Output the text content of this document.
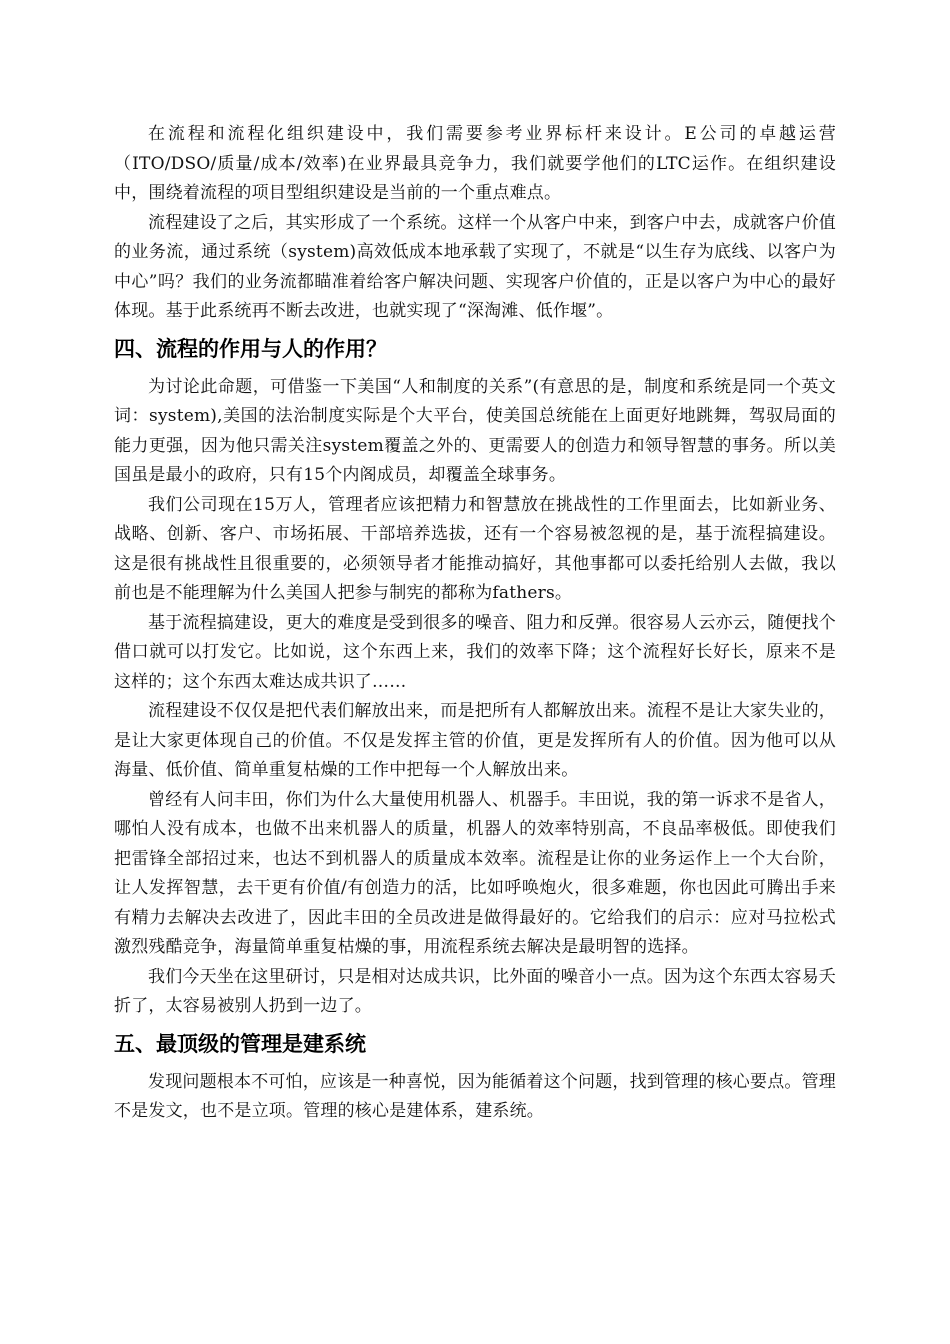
在流程和流程化组织建设中，我们需要参考业界标杆来设计。E公司的卓越运营（ITO/DSO/质量/成本/效率)在业界最具竞争力，我们就要学他们的LTC运作。在组织建设中，围绕着流程的项目型组织建设是当前的一个重点难点。

流程建设了之后，其实形成了一个系统。这样一个从客户中来，到客户中去，成就客户价值的业务流，通过系统（system)高效低成本地承载了实现了，不就是“以生存为底线、以客户为中心”吗？我们的业务流都瞄准着给客户解决问题、实现客户价值的，正是以客户为中心的最好体现。基于此系统再不断去改进，也就实现了“深淘滩、低作堰”。

四、流程的作用与人的作用？

为讨论此命题，可借鉴一下美国“人和制度的关系”(有意思的是，制度和系统是同一个英文词：system),美国的法治制度实际是个大平台，使美国总统能在上面更好地跳舞，驾驭局面的能力更强，因为他只需关注system覆盖之外的、更需要人的创造力和领导智慧的事务。所以美国虽是最小的政府，只有15个内阁成员，却覆盖全球事务。

我们公司现在15万人，管理者应该把精力和智慧放在挑战性的工作里面去，比如新业务、战略、创新、客户、市场拓展、干部培养选拔，还有一个容易被忽视的是，基于流程搞建设。这是很有挑战性且很重要的，必须领导者才能推动搞好，其他事都可以委托给别人去做，我以前也是不能理解为什么美国人把参与制宪的都称为fathers。

基于流程搞建设，更大的难度是受到很多的噪音、阻力和反弹。很容易人云亦云，随便找个借口就可以打发它。比如说，这个东西上来，我们的效率下降；这个流程好长好长，原来不是这样的；这个东西太难达成共识了……

流程建设不仅仅是把代表们解放出来，而是把所有人都解放出来。流程不是让大家失业的，是让大家更体现自己的价值。不仅是发挥主管的价值，更是发挥所有人的价值。因为他可以从海量、低价值、简单重复枯燥的工作中把每一个人解放出来。

曾经有人问丰田，你们为什么大量使用机器人、机器手。丰田说，我的第一诉求不是省人，哪怕人没有成本，也做不出来机器人的质量，机器人的效率特别高，不良品率极低。即使我们把雷锋全部招过来，也达不到机器人的质量成本效率。流程是让你的业务运作上一个大台阶，让人发挥智慧，去干更有价值/有创造力的活，比如呼唤炮火，很多难题，你也因此可腾出手来有精力去解决去改进了，因此丰田的全员改进是做得最好的。它给我们的启示：应对马拉松式激烈残酷竞争，海量简单重复枯燥的事，用流程系统去解决是最明智的选择。

我们今天坐在这里研讨，只是相对达成共识，比外面的噪音小一点。因为这个东西太容易夭折了，太容易被别人扔到一边了。

五、最顶级的管理是建系统

发现问题根本不可怕，应该是一种喜悦，因为能循着这个问题，找到管理的核心要点。管理不是发文，也不是立项。管理的核心是建体系，建系统。
